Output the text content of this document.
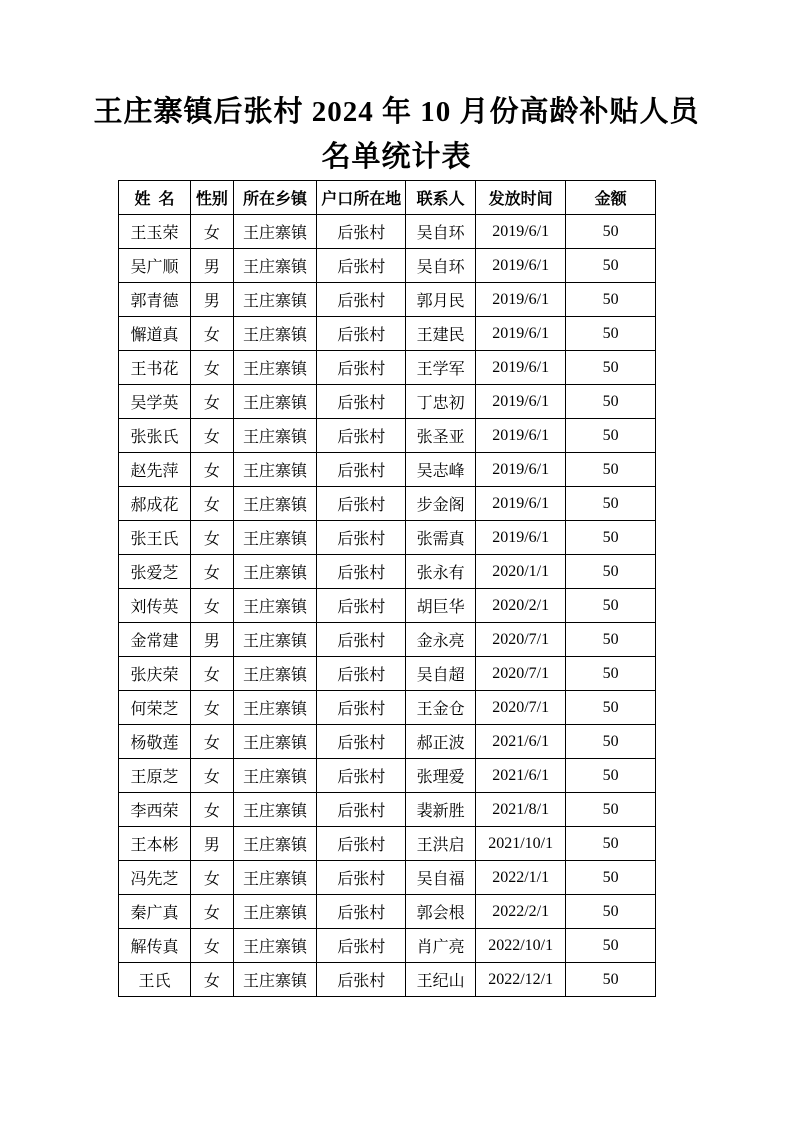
王庄寨镇后张村 2024 年 10 月份高龄补贴人员
名单统计表
姓  名	性别	所在乡镇	户口所在地	联系人	发放时间	金额
王玉荣	女	王庄寨镇	后张村	吴自环	2019/6/1	50
吴广顺	男	王庄寨镇	后张村	吴自环	2019/6/1	50
郭青德	男	王庄寨镇	后张村	郭月民	2019/6/1	50
懈道真	女	王庄寨镇	后张村	王建民	2019/6/1	50
王书花	女	王庄寨镇	后张村	王学军	2019/6/1	50
吴学英	女	王庄寨镇	后张村	丁忠初	2019/6/1	50
张张氏	女	王庄寨镇	后张村	张圣亚	2019/6/1	50
赵先萍	女	王庄寨镇	后张村	吴志峰	2019/6/1	50
郝成花	女	王庄寨镇	后张村	步金阁	2019/6/1	50
张王氏	女	王庄寨镇	后张村	张需真	2019/6/1	50
张爱芝	女	王庄寨镇	后张村	张永有	2020/1/1	50
刘传英	女	王庄寨镇	后张村	胡巨华	2020/2/1	50
金常建	男	王庄寨镇	后张村	金永亮	2020/7/1	50
张庆荣	女	王庄寨镇	后张村	吴自超	2020/7/1	50
何荣芝	女	王庄寨镇	后张村	王金仓	2020/7/1	50
杨敬莲	女	王庄寨镇	后张村	郝正波	2021/6/1	50
王原芝	女	王庄寨镇	后张村	张理爱	2021/6/1	50
李西荣	女	王庄寨镇	后张村	裴新胜	2021/8/1	50
王本彬	男	王庄寨镇	后张村	王洪启	2021/10/1	50
冯先芝	女	王庄寨镇	后张村	吴自福	2022/1/1	50
秦广真	女	王庄寨镇	后张村	郭会根	2022/2/1	50
解传真	女	王庄寨镇	后张村	肖广亮	2022/10/1	50
王氏	女	王庄寨镇	后张村	王纪山	2022/12/1	50
